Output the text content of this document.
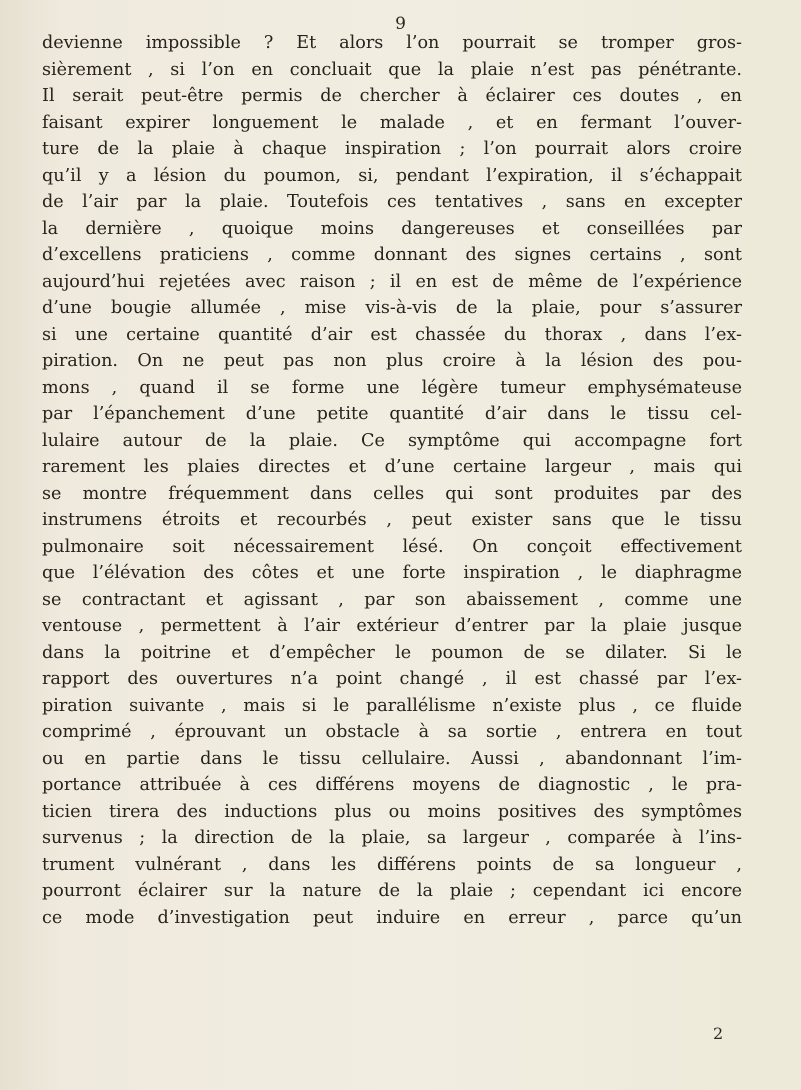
9
devienne impossible ? Et alors l’on pourrait se tromper gros-
sièrement , si l’on en concluait que la plaie n’est pas pénétrante.
Il serait peut-être permis de chercher à éclairer ces doutes , en
faisant expirer longuement le malade , et en fermant l’ouver-
ture de la plaie à chaque inspiration ; l’on pourrait alors croire
qu’il y a lésion du poumon, si, pendant l’expiration, il s’échappait
de l’air par la plaie. Toutefois ces tentatives , sans en excepter
la dernière , quoique moins dangereuses et conseillées par
d’excellens praticiens , comme donnant des signes certains , sont
aujourd’hui rejetées avec raison ; il en est de même de l’expérience
d’une bougie allumée , mise vis-à-vis de la plaie, pour s’assurer
si une certaine quantité d’air est chassée du thorax , dans l’ex-
piration. On ne peut pas non plus croire à la lésion des pou-
mons , quand il se forme une légère tumeur emphysémateuse
par l’épanchement d’une petite quantité d’air dans le tissu cel-
lulaire autour de la plaie. Ce symptôme qui accompagne fort
rarement les plaies directes et d’une certaine largeur , mais qui
se montre fréquemment dans celles qui sont produites par des
instrumens étroits et recourbés , peut exister sans que le tissu
pulmonaire soit nécessairement lésé. On conçoit effectivement
que l’élévation des côtes et une forte inspiration , le diaphragme
se contractant et agissant , par son abaissement , comme une
ventouse , permettent à l’air extérieur d’entrer par la plaie jusque
dans la poitrine et d’empêcher le poumon de se dilater. Si le
rapport des ouvertures n’a point changé , il est chassé par l’ex-
piration suivante , mais si le parallélisme n’existe plus , ce fluide
comprimé , éprouvant un obstacle à sa sortie , entrera en tout
ou en partie dans le tissu cellulaire. Aussi , abandonnant l’im-
portance attribuée à ces différens moyens de diagnostic , le pra-
ticien tirera des inductions plus ou moins positives des symptômes
survenus ; la direction de la plaie, sa largeur , comparée à l’ins-
trument vulnérant , dans les différens points de sa longueur ,
pourront éclairer sur la nature de la plaie ; cependant ici encore
ce mode d’investigation peut induire en erreur , parce qu’un
2
